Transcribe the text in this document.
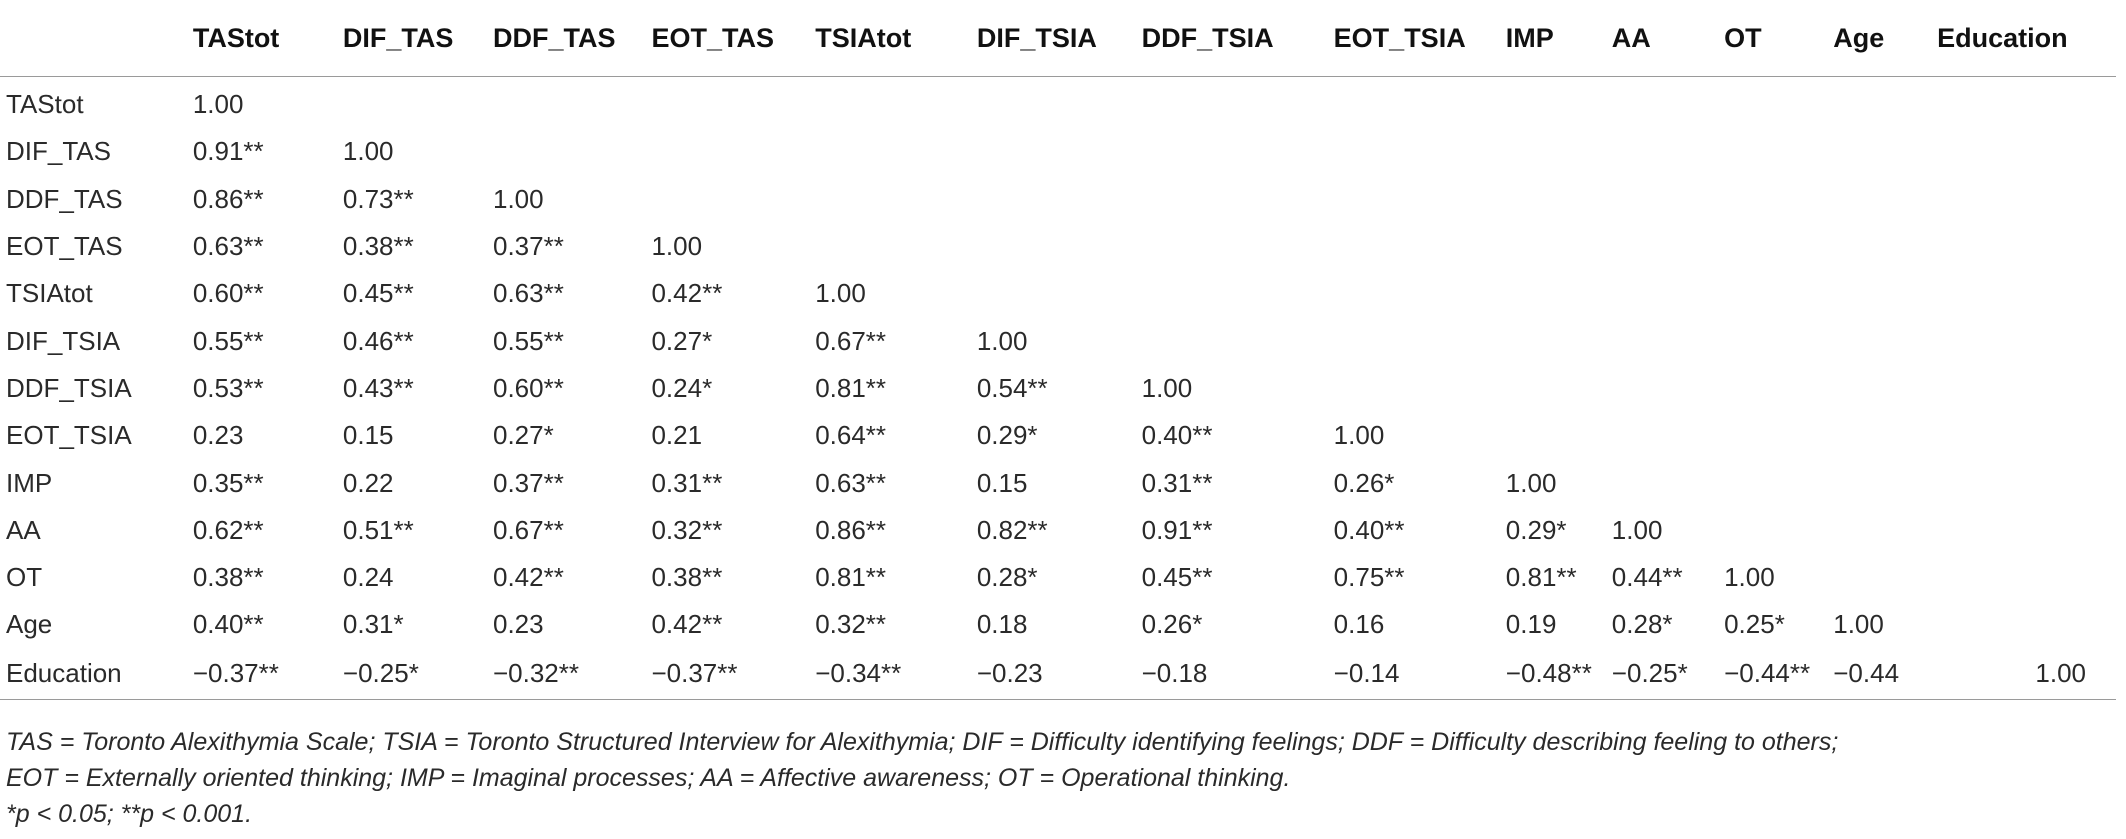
	TAStot	DIF_TAS	DDF_TAS	EOT_TAS	TSIAtot	DIF_TSIA	DDF_TSIA	EOT_TSIA	IMP	AA	OT	Age	Education
TAStot	1.00												
DIF_TAS	0.91**	1.00											
DDF_TAS	0.86**	0.73**	1.00										
EOT_TAS	0.63**	0.38**	0.37**	1.00									
TSIAtot	0.60**	0.45**	0.63**	0.42**	1.00								
DIF_TSIA	0.55**	0.46**	0.55**	0.27*	0.67**	1.00							
DDF_TSIA	0.53**	0.43**	0.60**	0.24*	0.81**	0.54**	1.00						
EOT_TSIA	0.23	0.15	0.27*	0.21	0.64**	0.29*	0.40**	1.00					
IMP	0.35**	0.22	0.37**	0.31**	0.63**	0.15	0.31**	0.26*	1.00				
AA	0.62**	0.51**	0.67**	0.32**	0.86**	0.82**	0.91**	0.40**	0.29*	1.00			
OT	0.38**	0.24	0.42**	0.38**	0.81**	0.28*	0.45**	0.75**	0.81**	0.44**	1.00		
Age	0.40**	0.31*	0.23	0.42**	0.32**	0.18	0.26*	0.16	0.19	0.28*	0.25*	1.00	
Education	−0.37**	−0.25*	−0.32**	−0.37**	−0.34**	−0.23	−0.18	−0.14	−0.48**	−0.25*	−0.44**	−0.44	1.00

TAS = Toronto Alexithymia Scale; TSIA = Toronto Structured Interview for Alexithymia; DIF = Difficulty identifying feelings; DDF = Difficulty describing feeling to others;

EOT = Externally oriented thinking; IMP = Imaginal processes; AA = Affective awareness; OT = Operational thinking.

*p < 0.05; **p < 0.001.
